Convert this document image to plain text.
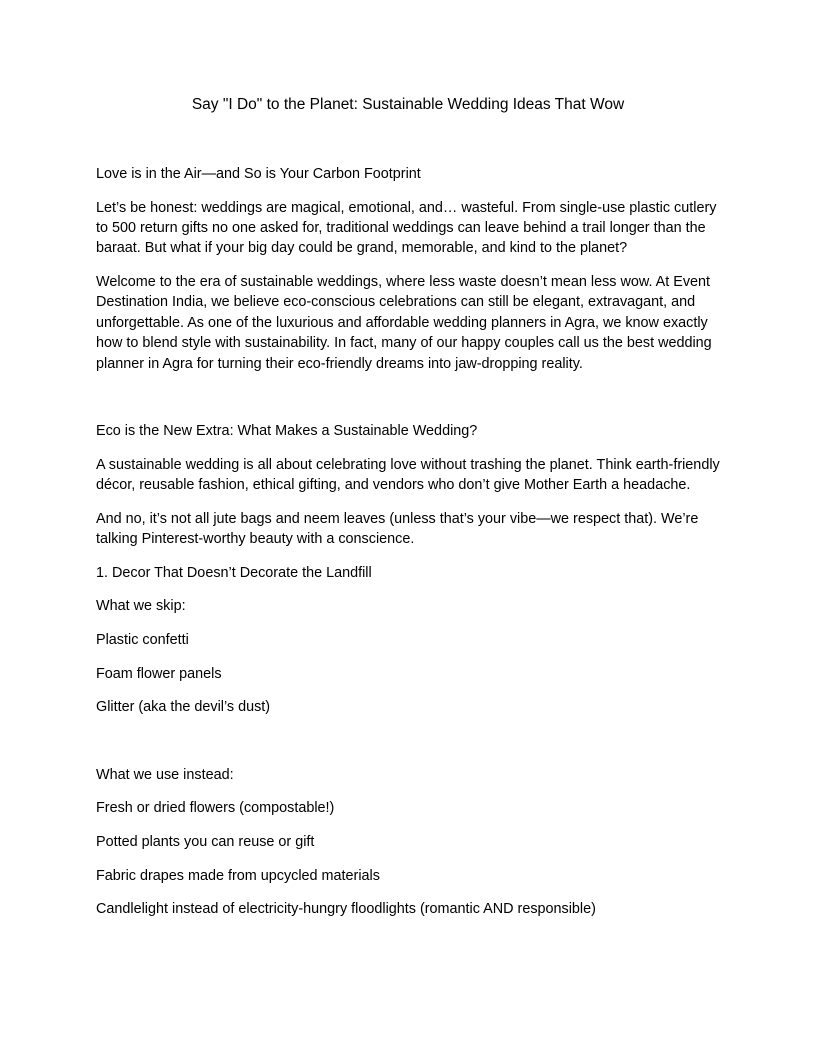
Say "I Do" to the Planet: Sustainable Wedding Ideas That Wow

Love is in the Air—and So is Your Carbon Footprint

Let’s be honest: weddings are magical, emotional, and… wasteful. From single-use plastic cutlery to 500 return gifts no one asked for, traditional weddings can leave behind a trail longer than the baraat. But what if your big day could be grand, memorable, and kind to the planet?

Welcome to the era of sustainable weddings, where less waste doesn’t mean less wow. At Event Destination India, we believe eco-conscious celebrations can still be elegant, extravagant, and unforgettable. As one of the luxurious and affordable wedding planners in Agra, we know exactly how to blend style with sustainability. In fact, many of our happy couples call us the best wedding planner in Agra for turning their eco-friendly dreams into jaw-dropping reality.

Eco is the New Extra: What Makes a Sustainable Wedding?

A sustainable wedding is all about celebrating love without trashing the planet. Think earth-friendly décor, reusable fashion, ethical gifting, and vendors who don’t give Mother Earth a headache.

And no, it’s not all jute bags and neem leaves (unless that’s your vibe—we respect that). We’re talking Pinterest-worthy beauty with a conscience.

1. Decor That Doesn’t Decorate the Landfill

What we skip:

Plastic confetti

Foam flower panels

Glitter (aka the devil’s dust)

What we use instead:

Fresh or dried flowers (compostable!)

Potted plants you can reuse or gift

Fabric drapes made from upcycled materials

Candlelight instead of electricity-hungry floodlights (romantic AND responsible)
